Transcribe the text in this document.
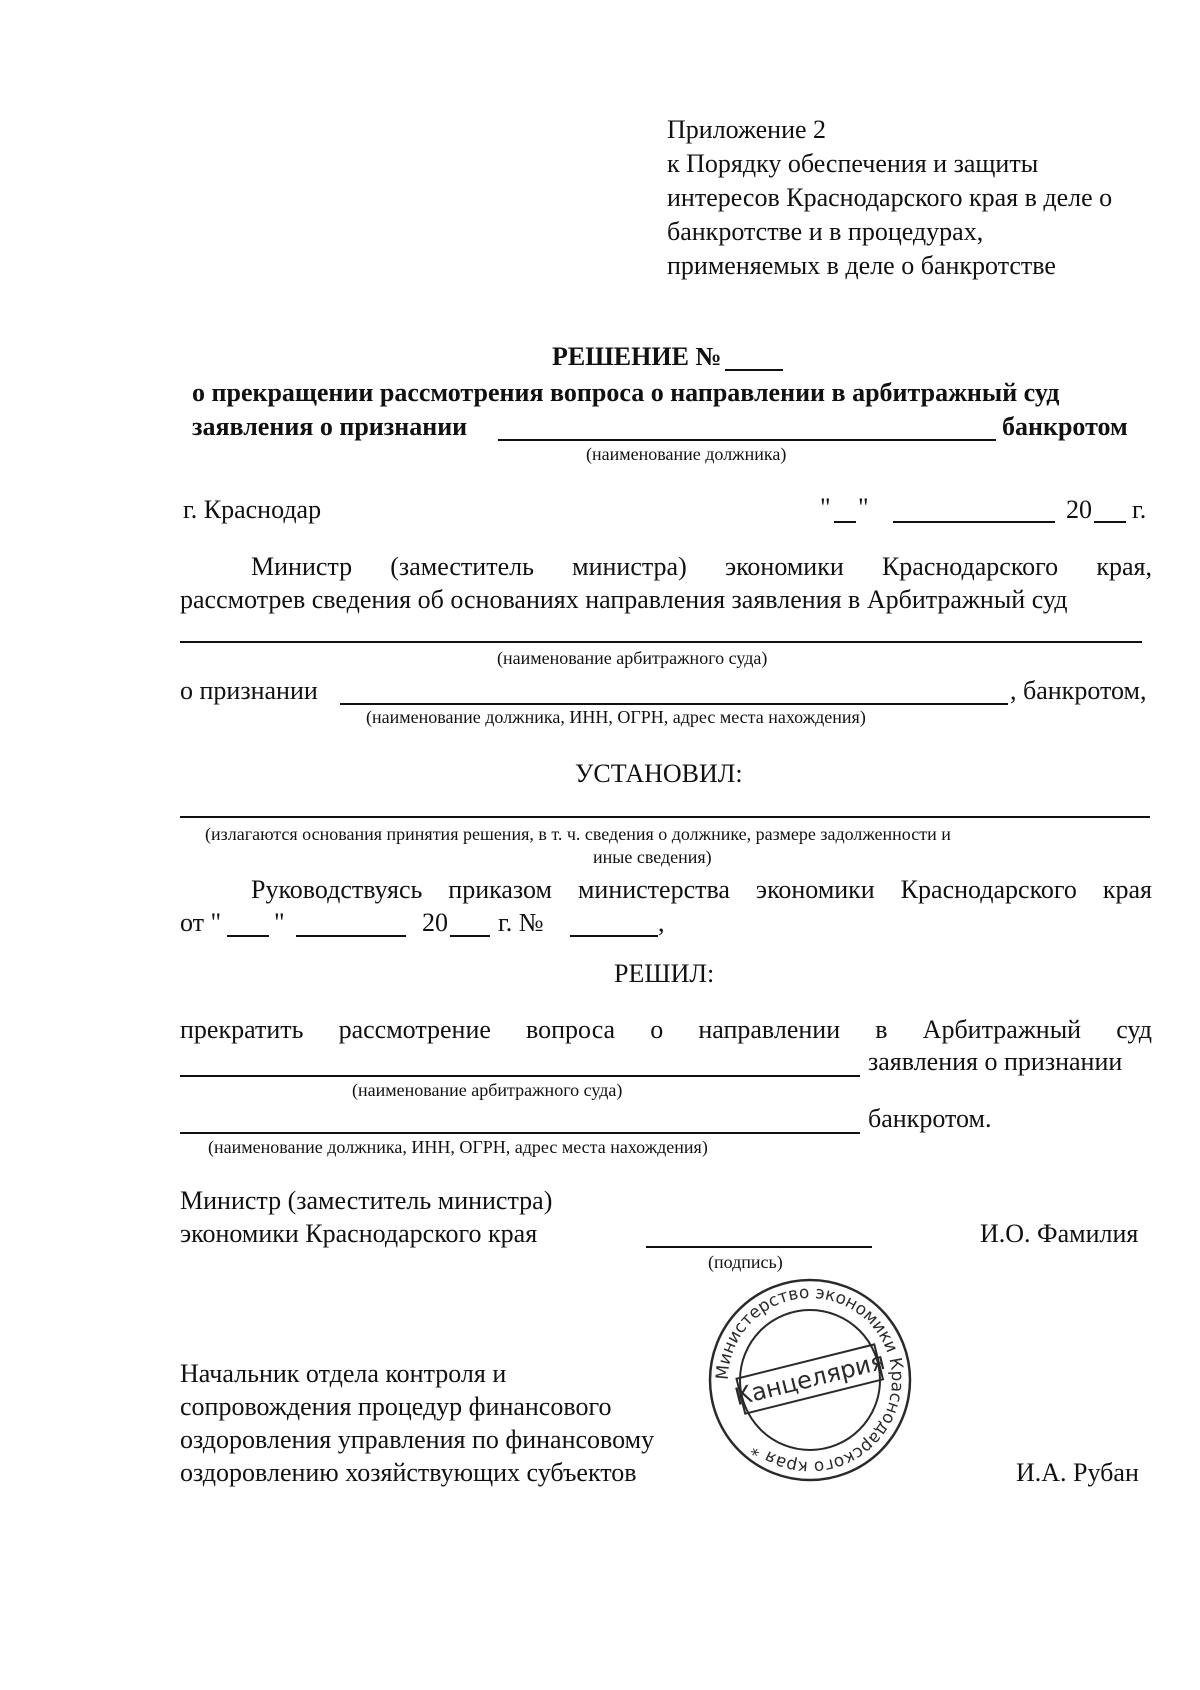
Приложение 2
к Порядку обеспечения и защиты
интересов Краснодарского края в деле о
банкротстве и в процедурах,
применяемых в деле о банкротстве
РЕШЕНИЕ №
о прекращении рассмотрения вопроса о направлении в арбитражный суд
заявления о признании	банкротом
(наименование должника)
г. Краснодар	" "	20 г.
Министр (заместитель министра) экономики Краснодарского края,
рассмотрев сведения об основаниях направления заявления в Арбитражный суд
(наименование арбитражного суда)
о признании	, банкротом,
(наименование должника, ИНН, ОГРН, адрес места нахождения)
УСТАНОВИЛ:
(излагаются основания принятия решения, в т. ч. сведения о должнике, размере задолженности и
иные сведения)
Руководствуясь приказом министерства экономики Краснодарского края
от " "	20 г. №	,
РЕШИЛ:
прекратить рассмотрение вопроса о направлении в Арбитражный суд
заявления о признании
(наименование арбитражного суда)
банкротом.
(наименование должника, ИНН, ОГРН, адрес места нахождения)
Министр (заместитель министра)
экономики Краснодарского края
(подпись)
И.О. Фамилия
Начальник отдела контроля и
сопровождения процедур финансового
оздоровления управления по финансовому
оздоровлению хозяйствующих субъектов	И.А. Рубан
Министерство экономики Краснодарского края *
Канцелярия
